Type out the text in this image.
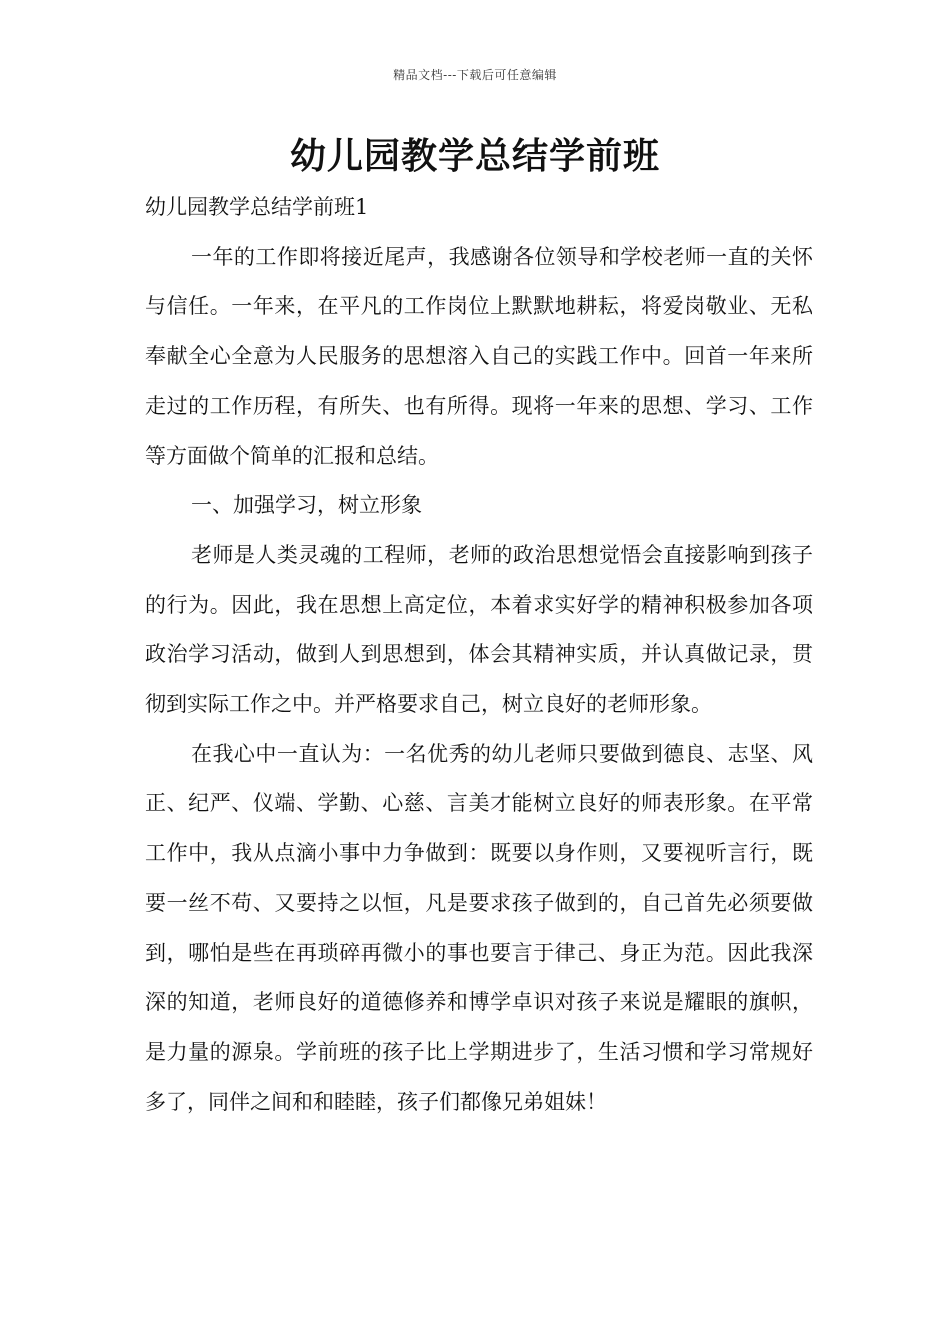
精品文档---下载后可任意编辑
幼儿园教学总结学前班

幼儿园教学总结学前班1

一年的工作即将接近尾声，我感谢各位领导和学校老师一直的关怀与信任。一年来，在平凡的工作岗位上默默地耕耘，将爱岗敬业、无私奉献全心全意为人民服务的思想溶入自己的实践工作中。回首一年来所走过的工作历程，有所失、也有所得。现将一年来的思想、学习、工作等方面做个简单的汇报和总结。

一、加强学习，树立形象

老师是人类灵魂的工程师，老师的政治思想觉悟会直接影响到孩子的行为。因此，我在思想上高定位，本着求实好学的精神积极参加各项政治学习活动，做到人到思想到，体会其精神实质，并认真做记录，贯彻到实际工作之中。并严格要求自己，树立良好的老师形象。

在我心中一直认为：一名优秀的幼儿老师只要做到德良、志坚、风正、纪严、仪端、学勤、心慈、言美才能树立良好的师表形象。在平常工作中，我从点滴小事中力争做到：既要以身作则，又要视听言行，既要一丝不苟、又要持之以恒，凡是要求孩子做到的，自己首先必须要做到，哪怕是些在再琐碎再微小的事也要言于律己、身正为范。因此我深深的知道，老师良好的道德修养和博学卓识对孩子来说是耀眼的旗帜，是力量的源泉。学前班的孩子比上学期进步了，生活习惯和学习常规好多了，同伴之间和和睦睦，孩子们都像兄弟姐妹！
